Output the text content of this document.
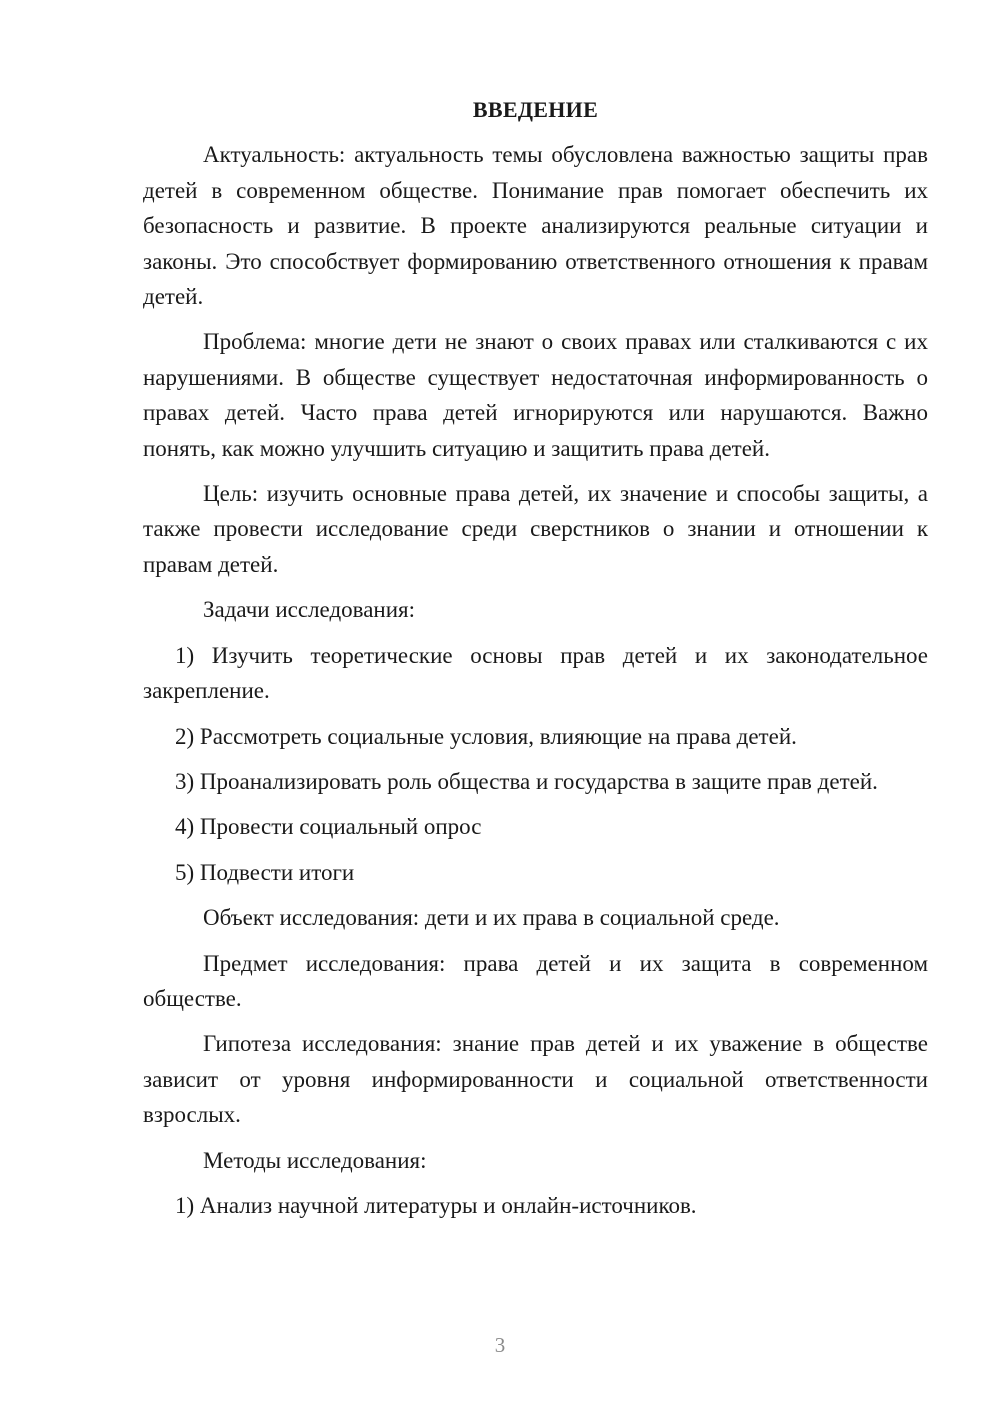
ВВЕДЕНИЕ

Актуальность: актуальность темы обусловлена важностью защиты прав детей в современном обществе. Понимание прав помогает обеспечить их безопасность и развитие. В проекте анализируются реальные ситуации и законы. Это способствует формированию ответственного отношения к правам детей.

Проблема: многие дети не знают о своих правах или сталкиваются с их нарушениями. В обществе существует недостаточная информированность о правах детей. Часто права детей игнорируются или нарушаются. Важно понять, как можно улучшить ситуацию и защитить права детей.

Цель: изучить основные права детей, их значение и способы защиты, а также провести исследование среди сверстников о знании и отношении к правам детей.

Задачи исследования:

1) Изучить теоретические основы прав детей и их законодательное закрепление.

2) Рассмотреть социальные условия, влияющие на права детей.

3) Проанализировать роль общества и государства в защите прав детей.

4) Провести социальный опрос

5) Подвести итоги

Объект исследования: дети и их права в социальной среде.

Предмет исследования: права детей и их защита в современном обществе.

Гипотеза исследования: знание прав детей и их уважение в обществе зависит от уровня информированности и социальной ответственности взрослых.

Методы исследования:

1) Анализ научной литературы и онлайн-источников.

3
